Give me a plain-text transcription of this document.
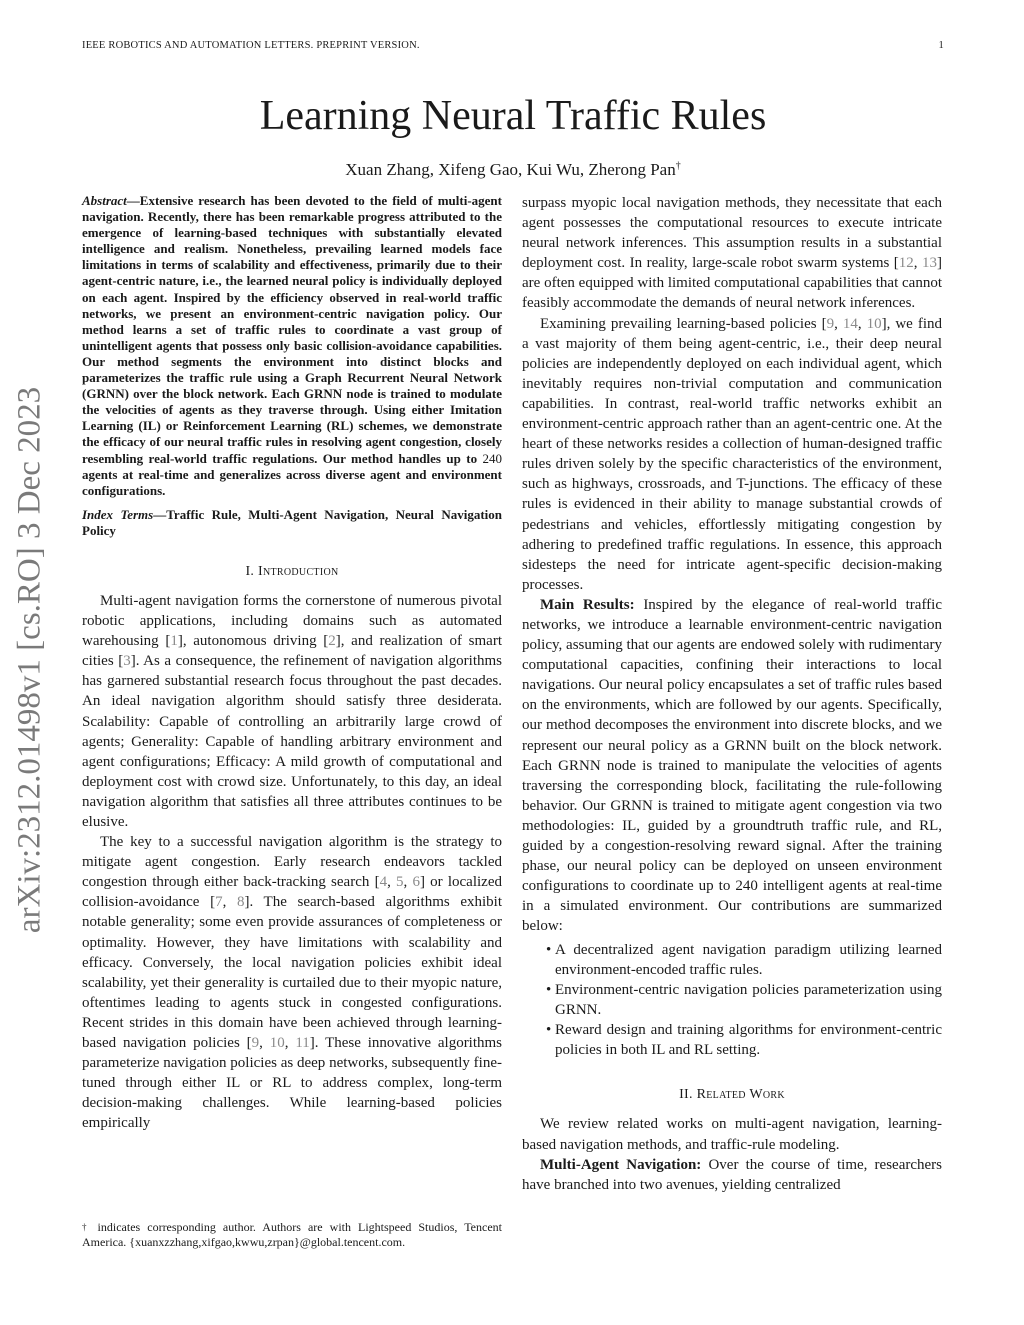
IEEE ROBOTICS AND AUTOMATION LETTERS. PREPRINT VERSION.	1
arXiv:2312.01498v1 [cs.RO] 3 Dec 2023
Learning Neural Traffic Rules
Xuan Zhang, Xifeng Gao, Kui Wu, Zherong Pan†

Abstract—Extensive research has been devoted to the field of multi-agent navigation. Recently, there has been remarkable progress attributed to the emergence of learning-based techniques with substantially elevated intelligence and realism. Nonetheless, prevailing learned models face limitations in terms of scalability and effectiveness, primarily due to their agent-centric nature, i.e., the learned neural policy is individually deployed on each agent. Inspired by the efficiency observed in real-world traffic networks, we present an environment-centric navigation policy. Our method learns a set of traffic rules to coordinate a vast group of unintelligent agents that possess only basic collision-avoidance capabilities. Our method segments the environment into distinct blocks and parameterizes the traffic rule using a Graph Recurrent Neural Network (GRNN) over the block network. Each GRNN node is trained to modulate the velocities of agents as they traverse through. Using either Imitation Learning (IL) or Reinforcement Learning (RL) schemes, we demonstrate the efficacy of our neural traffic rules in resolving agent congestion, closely resembling real-world traffic regulations. Our method handles up to 240 agents at real-time and generalizes across diverse agent and environment configurations.

Index Terms—Traffic Rule, Multi-Agent Navigation, Neural Navigation Policy

I. Introduction

Multi-agent navigation forms the cornerstone of numerous pivotal robotic applications, including domains such as automated warehousing [1], autonomous driving [2], and realization of smart cities [3]. As a consequence, the refinement of navigation algorithms has garnered substantial research focus throughout the past decades. An ideal navigation algorithm should satisfy three desiderata. Scalability: Capable of controlling an arbitrarily large crowd of agents; Generality: Capable of handling arbitrary environment and agent configurations; Efficacy: A mild growth of computational and deployment cost with crowd size. Unfortunately, to this day, an ideal navigation algorithm that satisfies all three attributes continues to be elusive.

The key to a successful navigation algorithm is the strategy to mitigate agent congestion. Early research endeavors tackled congestion through either back-tracking search [4, 5, 6] or localized collision-avoidance [7, 8]. The search-based algorithms exhibit notable generality; some even provide assurances of completeness or optimality. However, they have limitations with scalability and efficacy. Conversely, the local navigation policies exhibit ideal scalability, yet their generality is curtailed due to their myopic nature, oftentimes leading to agents stuck in congested configurations. Recent strides in this domain have been achieved through learning-based navigation policies [9, 10, 11]. These innovative algorithms parameterize navigation policies as deep networks, subsequently fine-tuned through either IL or RL to address complex, long-term decision-making challenges. While learning-based policies empirically

† indicates corresponding author. Authors are with Lightspeed Studios, Tencent America. {xuanxzzhang,xifgao,kwwu,zrpan}@global.tencent.com.

surpass myopic local navigation methods, they necessitate that each agent possesses the computational resources to execute intricate neural network inferences. This assumption results in a substantial deployment cost. In reality, large-scale robot swarm systems [12, 13] are often equipped with limited computational capabilities that cannot feasibly accommodate the demands of neural network inferences.

Examining prevailing learning-based policies [9, 14, 10], we find a vast majority of them being agent-centric, i.e., their deep neural policies are independently deployed on each individual agent, which inevitably requires non-trivial computation and communication capabilities. In contrast, real-world traffic networks exhibit an environment-centric approach rather than an agent-centric one. At the heart of these networks resides a collection of human-designed traffic rules driven solely by the specific characteristics of the environment, such as highways, crossroads, and T-junctions. The efficacy of these rules is evidenced in their ability to manage substantial crowds of pedestrians and vehicles, effortlessly mitigating congestion by adhering to predefined traffic regulations. In essence, this approach sidesteps the need for intricate agent-specific decision-making processes.

Main Results: Inspired by the elegance of real-world traffic networks, we introduce a learnable environment-centric navigation policy, assuming that our agents are endowed solely with rudimentary computational capacities, confining their interactions to local navigations. Our neural policy encapsulates a set of traffic rules based on the environments, which are followed by our agents. Specifically, our method decomposes the environment into discrete blocks, and we represent our neural policy as a GRNN built on the block network. Each GRNN node is trained to manipulate the velocities of agents traversing the corresponding block, facilitating the rule-following behavior. Our GRNN is trained to mitigate agent congestion via two methodologies: IL, guided by a groundtruth traffic rule, and RL, guided by a congestion-resolving reward signal. After the training phase, our neural policy can be deployed on unseen environment configurations to coordinate up to 240 intelligent agents at real-time in a simulated environment. Our contributions are summarized below:

• A decentralized agent navigation paradigm utilizing learned environment-encoded traffic rules.
• Environment-centric navigation policies parameterization using GRNN.
• Reward design and training algorithms for environment-centric policies in both IL and RL setting.
II. Related Work

We review related works on multi-agent navigation, learning-based navigation methods, and traffic-rule modeling.

Multi-Agent Navigation: Over the course of time, researchers have branched into two avenues, yielding centralized
